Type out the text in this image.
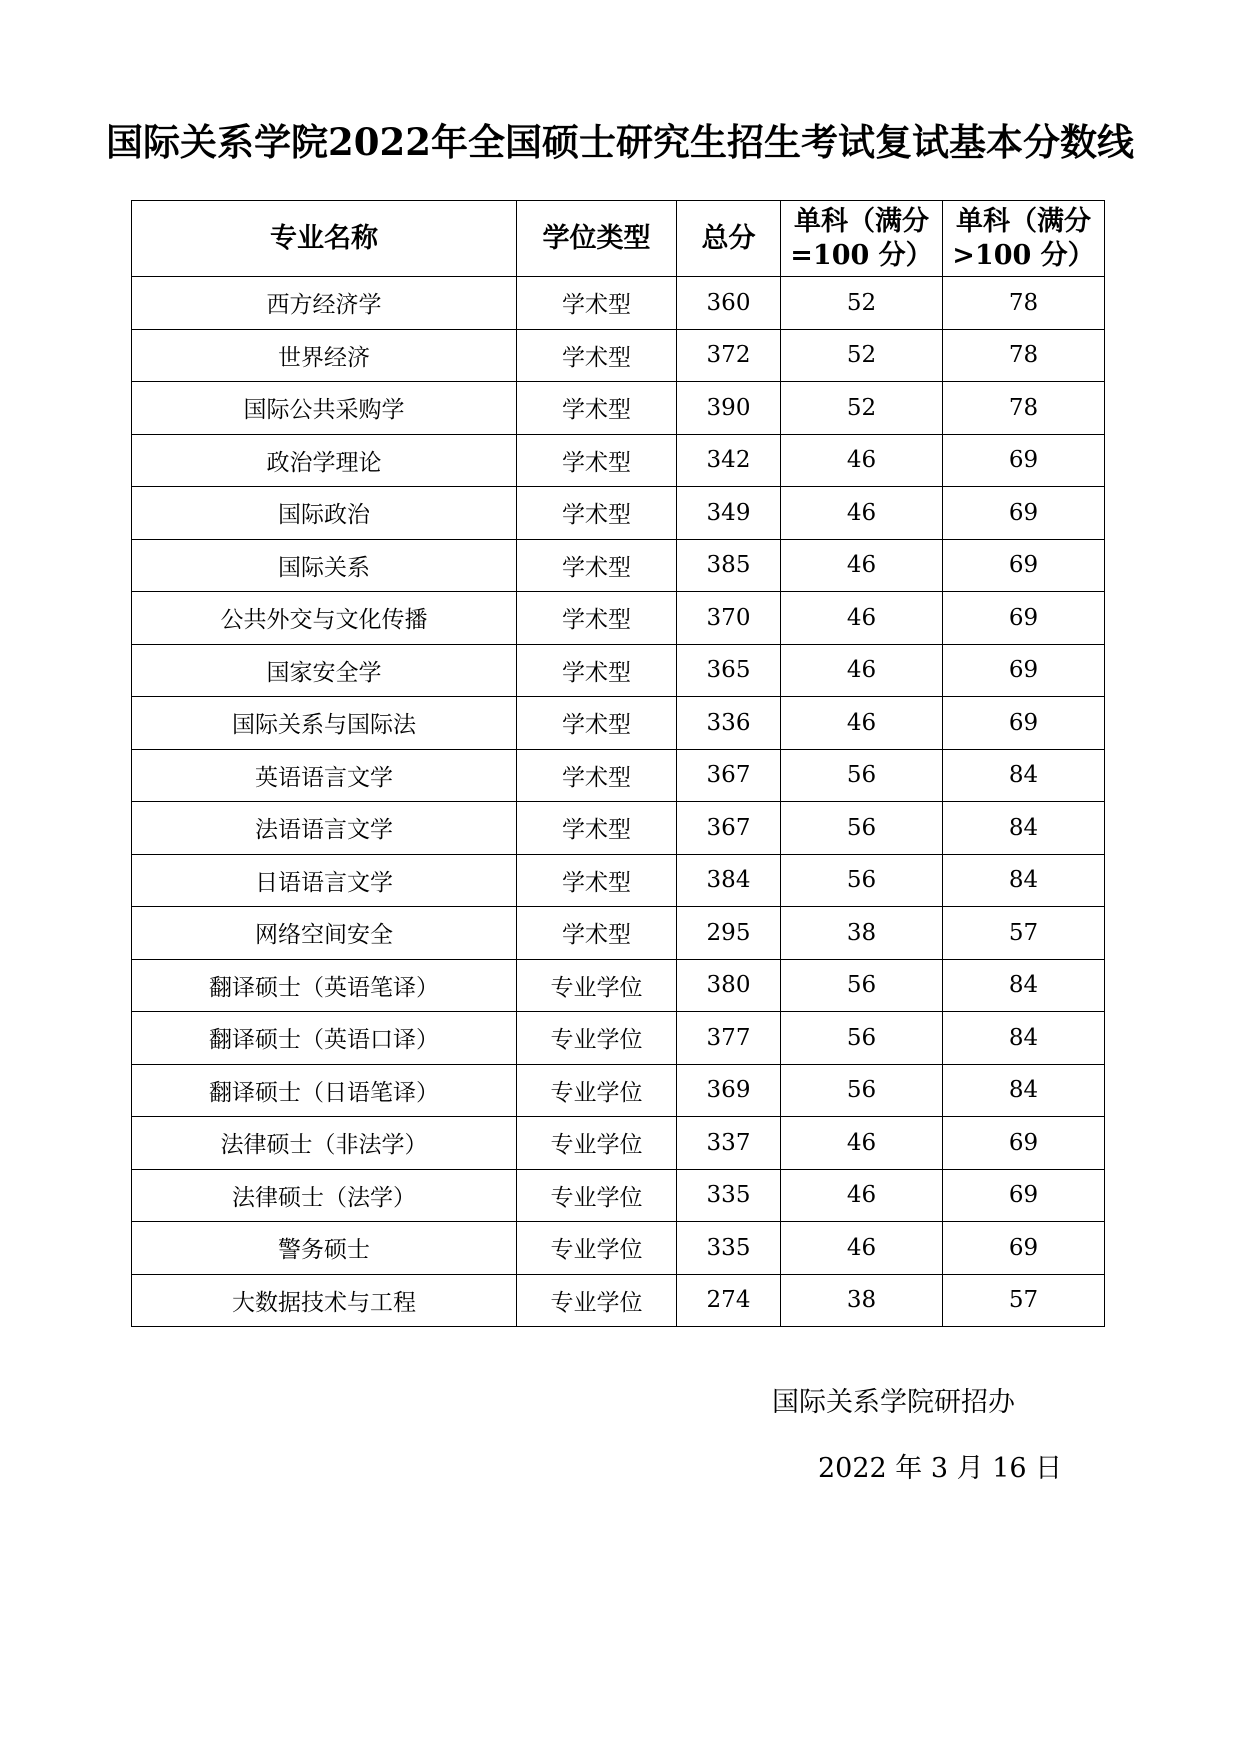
国际关系学院2022年全国硕士研究生招生考试复试基本分数线
专业名称	学位类型	总分	单科（满分=100 分）	单科（满分>100 分）
西方经济学	学术型	360	52	78
世界经济	学术型	372	52	78
国际公共采购学	学术型	390	52	78
政治学理论	学术型	342	46	69
国际政治	学术型	349	46	69
国际关系	学术型	385	46	69
公共外交与文化传播	学术型	370	46	69
国家安全学	学术型	365	46	69
国际关系与国际法	学术型	336	46	69
英语语言文学	学术型	367	56	84
法语语言文学	学术型	367	56	84
日语语言文学	学术型	384	56	84
网络空间安全	学术型	295	38	57
翻译硕士（英语笔译）	专业学位	380	56	84
翻译硕士（英语口译）	专业学位	377	56	84
翻译硕士（日语笔译）	专业学位	369	56	84
法律硕士（非法学）	专业学位	337	46	69
法律硕士（法学）	专业学位	335	46	69
警务硕士	专业学位	335	46	69
大数据技术与工程	专业学位	274	38	57
国际关系学院研招办
2022 年 3 月 16 日
